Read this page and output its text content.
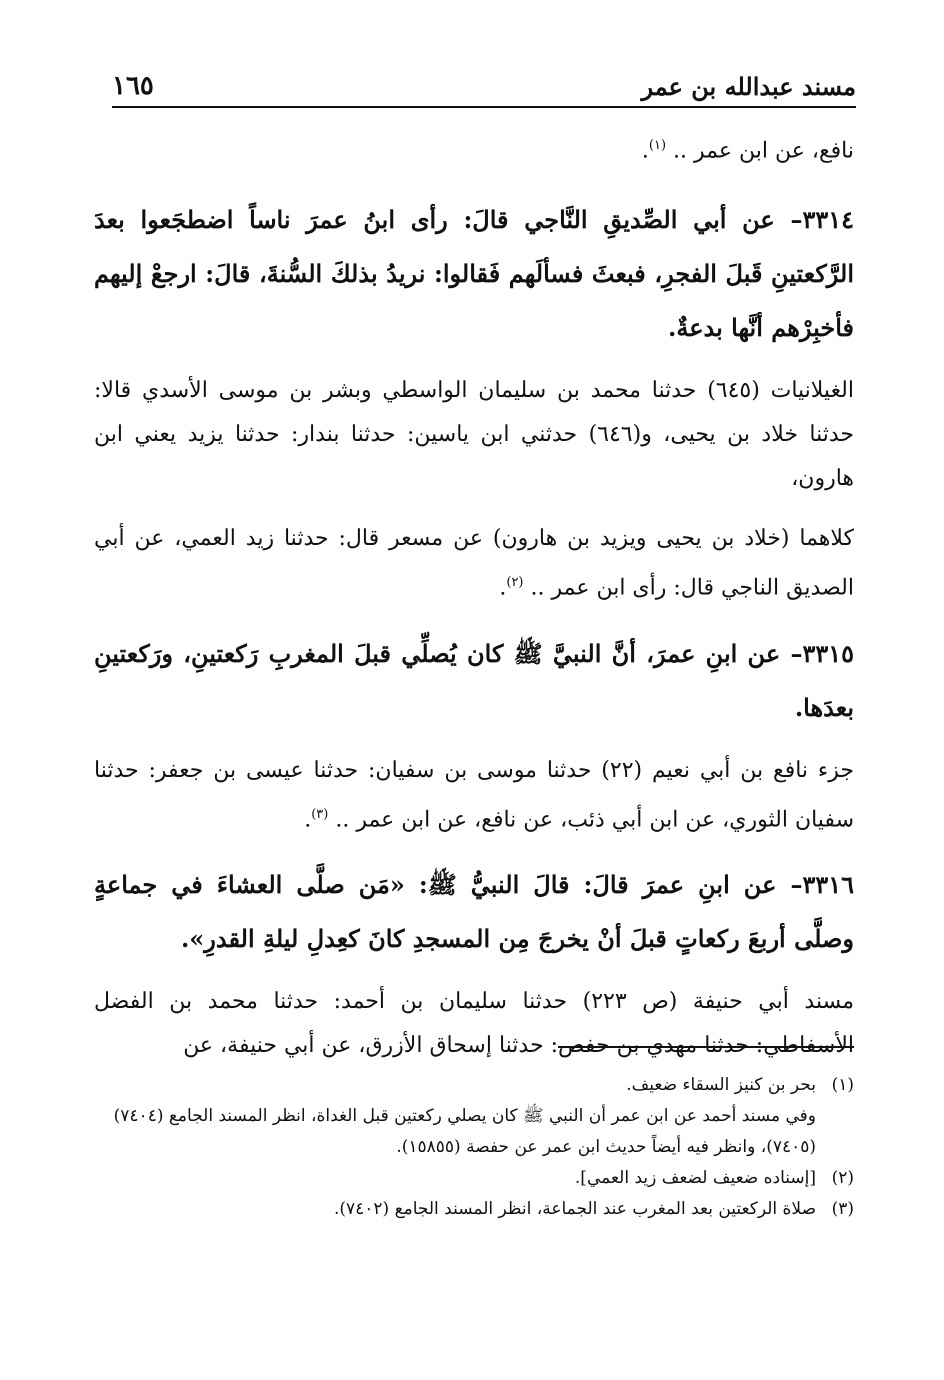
مسند عبدالله بن عمر
١٦٥

نافع، عن ابن عمر .. $^{(١)}$.

٣٣١٤– عن أبي الصِّديقِ النَّاجي قالَ: رأى ابنُ عمرَ ناساً اضطجَعوا بعدَ الرَّكعتينِ قَبلَ الفجرِ، فبعثَ فسألَهم فَقالوا: نريدُ بذلكَ السُّنةَ، قالَ: ارجعْ إليهم فأخبِرْهم أنَّها بدعةٌ.

الغيلانيات (٦٤٥) حدثنا محمد بن سليمان الواسطي وبشر بن موسى الأسدي قالا: حدثنا خلاد بن يحيى، و(٦٤٦) حدثني ابن ياسين: حدثنا بندار: حدثنا يزيد يعني ابن هارون،

كلاهما (خلاد بن يحيى ويزيد بن هارون) عن مسعر قال: حدثنا زيد العمي، عن أبي الصديق الناجي قال: رأى ابن عمر .. $^{(٢)}$.

٣٣١٥– عن ابنِ عمرَ، أنَّ النبيَّ ﷺ كان يُصلِّي قبلَ المغربِ رَكعتينِ، ورَكعتينِ بعدَها.

جزء نافع بن أبي نعيم (٢٢) حدثنا موسى بن سفيان: حدثنا عيسى بن جعفر: حدثنا سفيان الثوري، عن ابن أبي ذئب، عن نافع، عن ابن عمر .. $^{(٣)}$.

٣٣١٦– عن ابنِ عمرَ قالَ: قالَ النبيُّ ﷺ: «مَن صلَّى العشاءَ في جماعةٍ وصلَّى أربعَ ركعاتٍ قبلَ أنْ يخرجَ مِن المسجدِ كانَ كعِدلِ ليلةِ القدرِ».

مسند أبي حنيفة (ص ٢٢٣) حدثنا سليمان بن أحمد: حدثنا محمد بن الفضل الأسفاطي: حدثنا مهدي بن حفص: حدثنا إسحاق الأزرق، عن أبي حنيفة، عن

(١)
بحر بن كنيز السقاء ضعيف.
وفي مسند أحمد عن ابن عمر أن النبي ﷺ كان يصلي ركعتين قبل الغداة، انظر المسند الجامع (٧٤٠٤) (٧٤٠٥)، وانظر فيه أيضاً حديث ابن عمر عن حفصة (١٥٨٥٥).
(٢)
[إسناده ضعيف لضعف زيد العمي].
(٣)
صلاة الركعتين بعد المغرب عند الجماعة، انظر المسند الجامع (٧٤٠٢).
